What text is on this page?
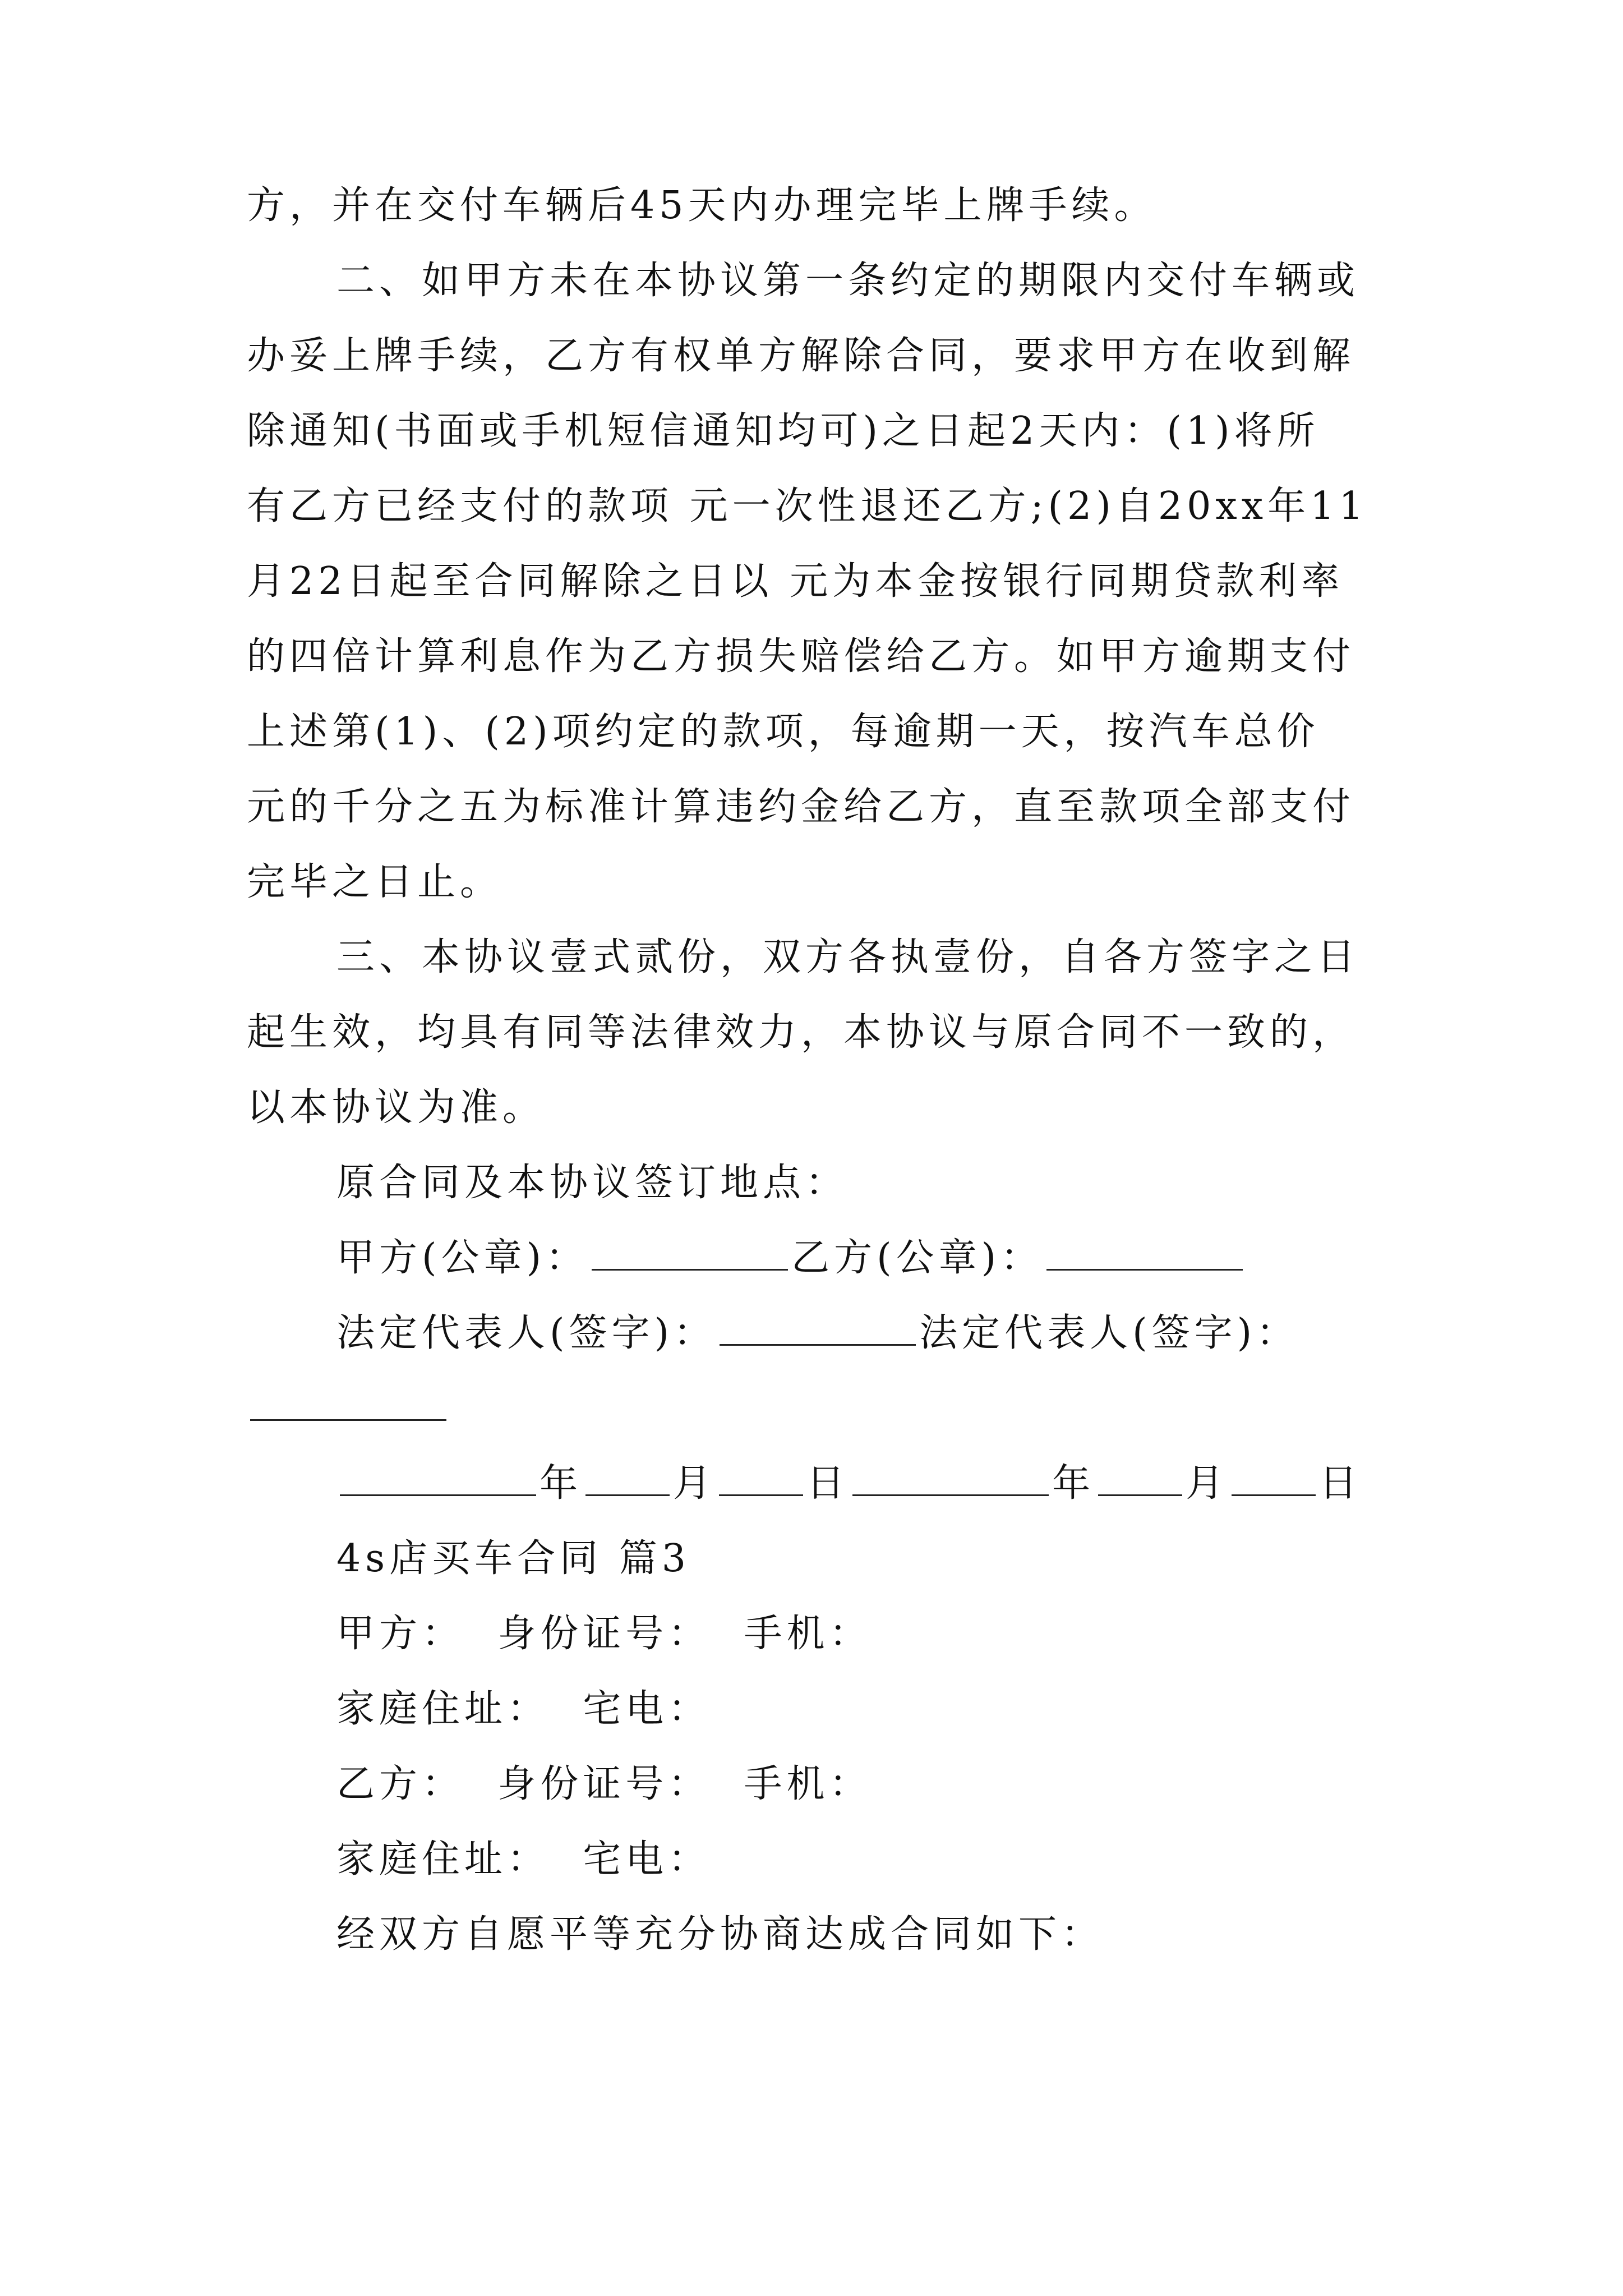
方，并在交付车辆后45天内办理完毕上牌手续。
二、如甲方未在本协议第一条约定的期限内交付车辆或
办妥上牌手续，乙方有权单方解除合同，要求甲方在收到解
除通知(书面或手机短信通知均可)之日起2天内：(1)将所
有乙方已经支付的款项 元一次性退还乙方;(2)自20xx年11
月22日起至合同解除之日以 元为本金按银行同期贷款利率
的四倍计算利息作为乙方损失赔偿给乙方。如甲方逾期支付
上述第(1)、(2)项约定的款项，每逾期一天，按汽车总价
元的千分之五为标准计算违约金给乙方，直至款项全部支付
完毕之日止。
三、本协议壹式贰份，双方各执壹份，自各方签字之日
起生效，均具有同等法律效力，本协议与原合同不一致的，
以本协议为准。
原合同及本协议签订地点：
甲方(公章)：	乙方(公章)：
法定代表人(签字)：	法定代表人(签字)：
年 月 日	年 月 日
4s店买车合同 篇3
甲方：  身份证号：  手机：
家庭住址：  宅电：
乙方：  身份证号：  手机：
家庭住址：  宅电：
经双方自愿平等充分协商达成合同如下：
